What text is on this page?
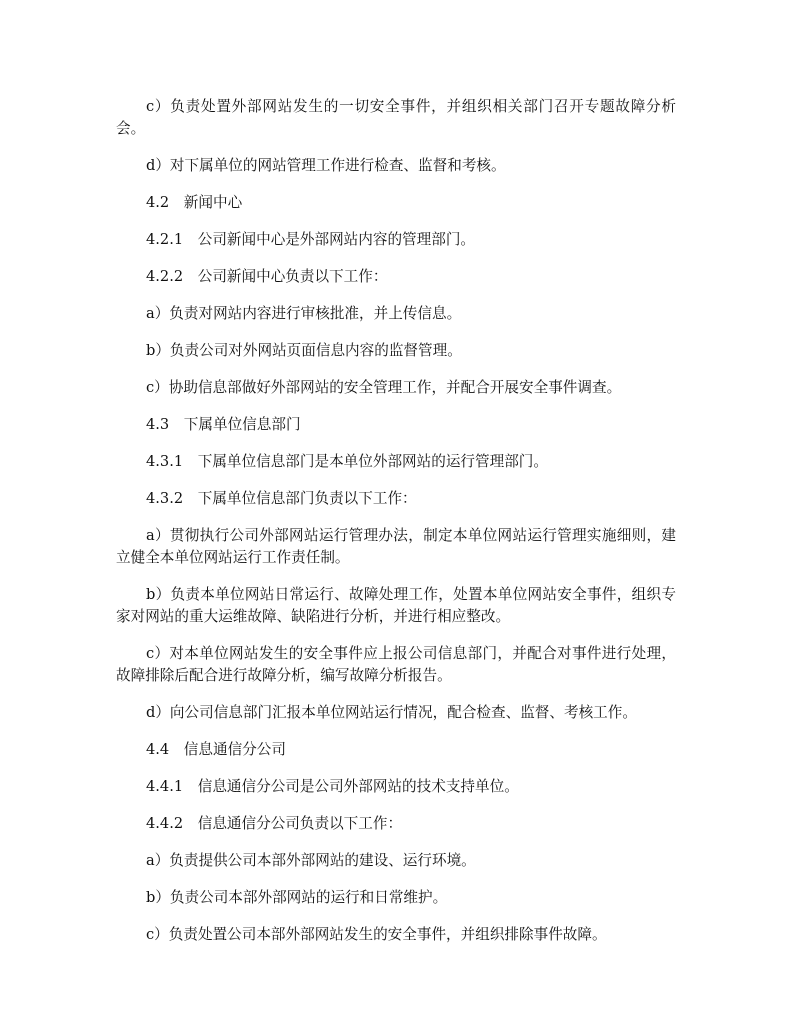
c）负责处置外部网站发生的一切安全事件，并组织相关部门召开专题故障分析会。

d）对下属单位的网站管理工作进行检查、监督和考核。

4.2　新闻中心

4.2.1　公司新闻中心是外部网站内容的管理部门。

4.2.2　公司新闻中心负责以下工作：

a）负责对网站内容进行审核批准，并上传信息。

b）负责公司对外网站页面信息内容的监督管理。

c）协助信息部做好外部网站的安全管理工作，并配合开展安全事件调查。

4.3　下属单位信息部门

4.3.1　下属单位信息部门是本单位外部网站的运行管理部门。

4.3.2　下属单位信息部门负责以下工作：

a）贯彻执行公司外部网站运行管理办法，制定本单位网站运行管理实施细则，建立健全本单位网站运行工作责任制。

b）负责本单位网站日常运行、故障处理工作，处置本单位网站安全事件，组织专家对网站的重大运维故障、缺陷进行分析，并进行相应整改。

c）对本单位网站发生的安全事件应上报公司信息部门，并配合对事件进行处理，故障排除后配合进行故障分析，编写故障分析报告。

d）向公司信息部门汇报本单位网站运行情况，配合检查、监督、考核工作。

4.4　信息通信分公司

4.4.1　信息通信分公司是公司外部网站的技术支持单位。

4.4.2　信息通信分公司负责以下工作：

a）负责提供公司本部外部网站的建设、运行环境。

b）负责公司本部外部网站的运行和日常维护。

c）负责处置公司本部外部网站发生的安全事件，并组织排除事件故障。
